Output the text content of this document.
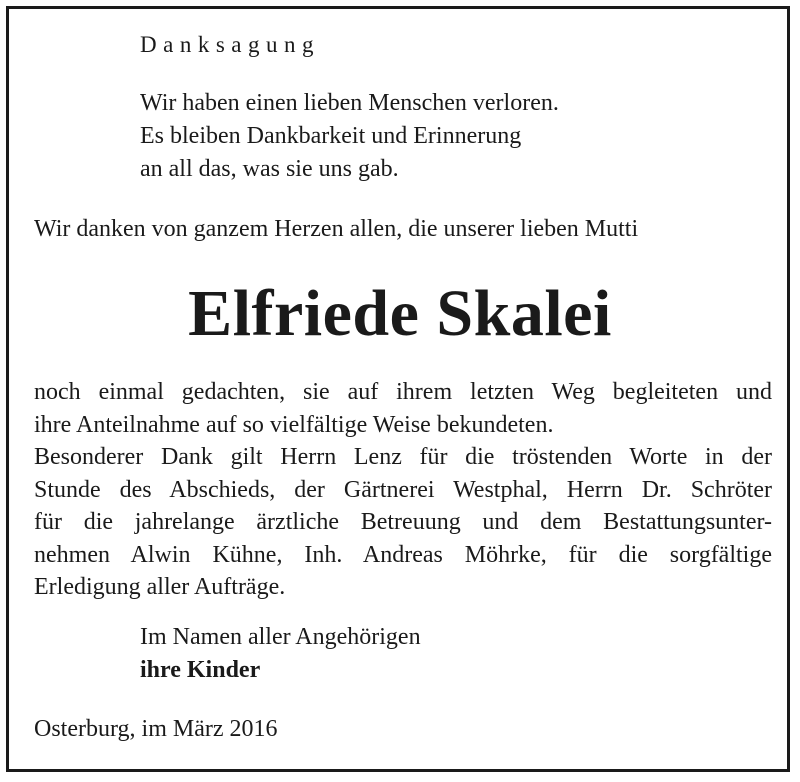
Danksagung
Wir haben einen lieben Menschen verloren.
Es bleiben Dankbarkeit und Erinnerung
an all das, was sie uns gab.
Wir danken von ganzem Herzen allen, die unserer lieben Mutti
Elfriede Skalei
noch einmal gedachten, sie auf ihrem letzten Weg begleiteten und
ihre Anteilnahme auf so vielfältige Weise bekundeten.
Besonderer Dank gilt Herrn Lenz für die tröstenden Worte in der
Stunde des Abschieds, der Gärtnerei Westphal, Herrn Dr. Schröter
für die jahrelange ärztliche Betreuung und dem Bestattungsunter-
nehmen Alwin Kühne, Inh. Andreas Möhrke, für die sorgfältige
Erledigung aller Aufträge.
Im Namen aller Angehörigen
ihre Kinder
Osterburg, im März 2016
